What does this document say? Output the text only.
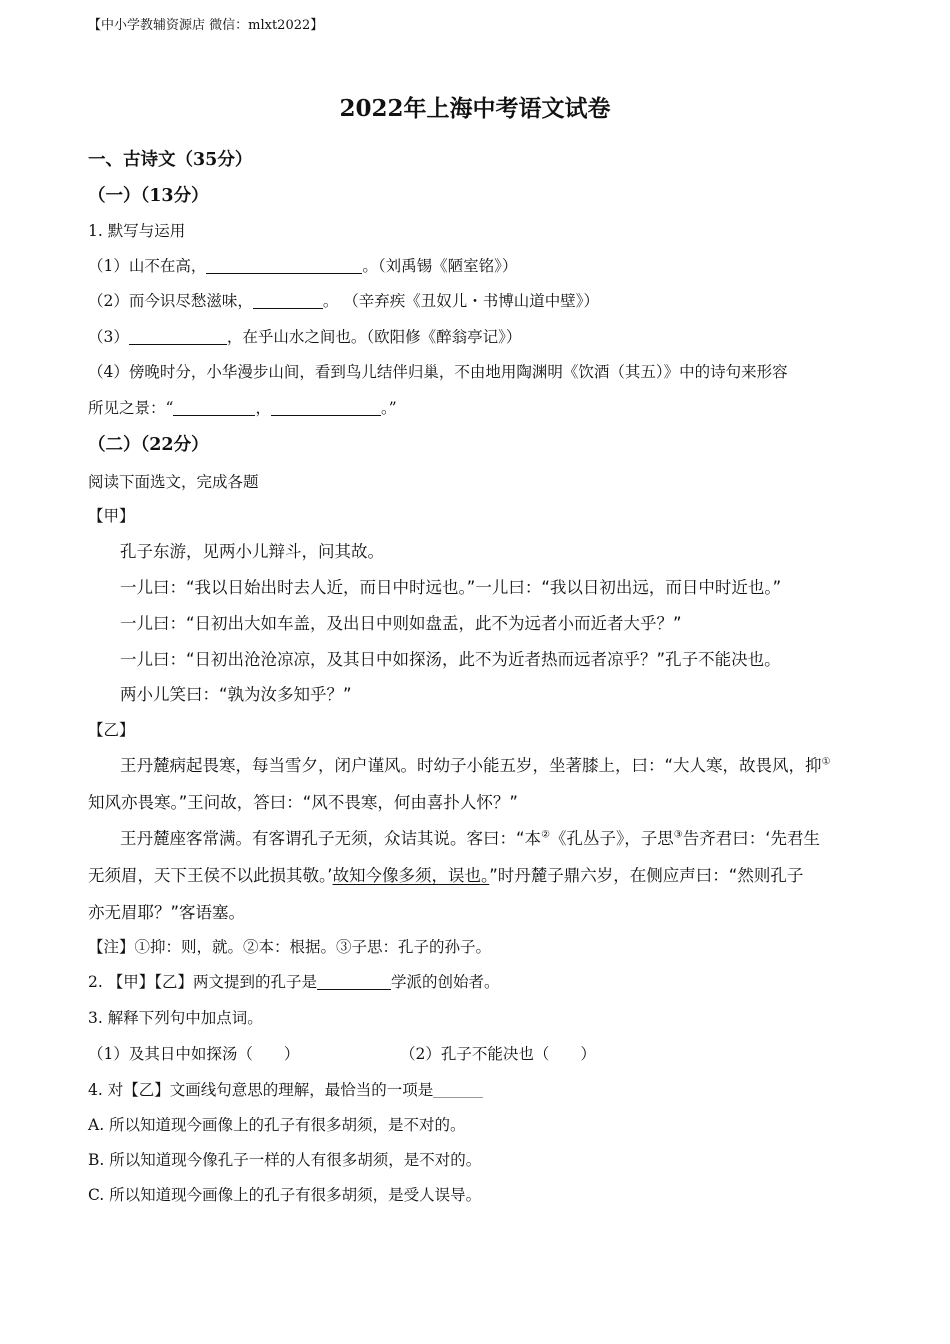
【中小学教辅资源店 微信：mlxt2022】
2022年上海中考语文试卷
一、古诗文（35分）
（一）（13分）
1. 默写与运用
（1）山不在高，	。（刘禹锡《陋室铭》）
（2）而今识尽愁滋味，	。 （辛弃疾《丑奴儿・书博山道中壁》）
（3）	，在乎山水之间也。（欧阳修《醉翁亭记》）
（4）傍晚时分，小华漫步山间，看到鸟儿结伴归巢，不由地用陶渊明《饮酒（其五）》中的诗句来形容
所见之景：“	，	。”
（二）（22分）
阅读下面选文，完成各题
【甲】
孔子东游，见两小儿辩斗，问其故。
一儿曰：“我以日始出时去人近，而日中时远也。”一儿曰：“我以日初出远，而日中时近也。”
一儿曰：“日初出大如车盖，及出日中则如盘盂，此不为远者小而近者大乎？”
一儿曰：“日初出沧沧凉凉，及其日中如探汤，此不为近者热而远者凉乎？”孔子不能决也。
两小儿笑曰：“孰为汝多知乎？”
【乙】
王丹麓病起畏寒，每当雪夕，闭户谨风。时幼子小能五岁，坐著膝上，曰：“大人寒，故畏风，抑①
知风亦畏寒。”王问故，答曰：“风不畏寒，何由喜扑人怀？”
王丹麓座客常满。有客谓孔子无须，众诘其说。客曰：“本②《孔丛子》，子思③告齐君曰：‘先君生
无须眉，天下王侯不以此损其敬。’故知今像多须，误也。”时丹麓子鼎六岁，在侧应声曰：“然则孔子
亦无眉耶？”客语塞。
【注】①抑：则，就。②本：根据。③子思：孔子的孙子。
2. 【甲】【乙】两文提到的孔子是	学派的创始者。
3. 解释下列句中加点词。
（1）及其日中如探汤（　　）	（2）孔子不能决也（　　）
4. 对【乙】文画线句意思的理解，最恰当的一项是
A. 所以知道现今画像上的孔子有很多胡须，是不对的。
B. 所以知道现今像孔子一样的人有很多胡须，是不对的。
C. 所以知道现今画像上的孔子有很多胡须，是受人误导。
